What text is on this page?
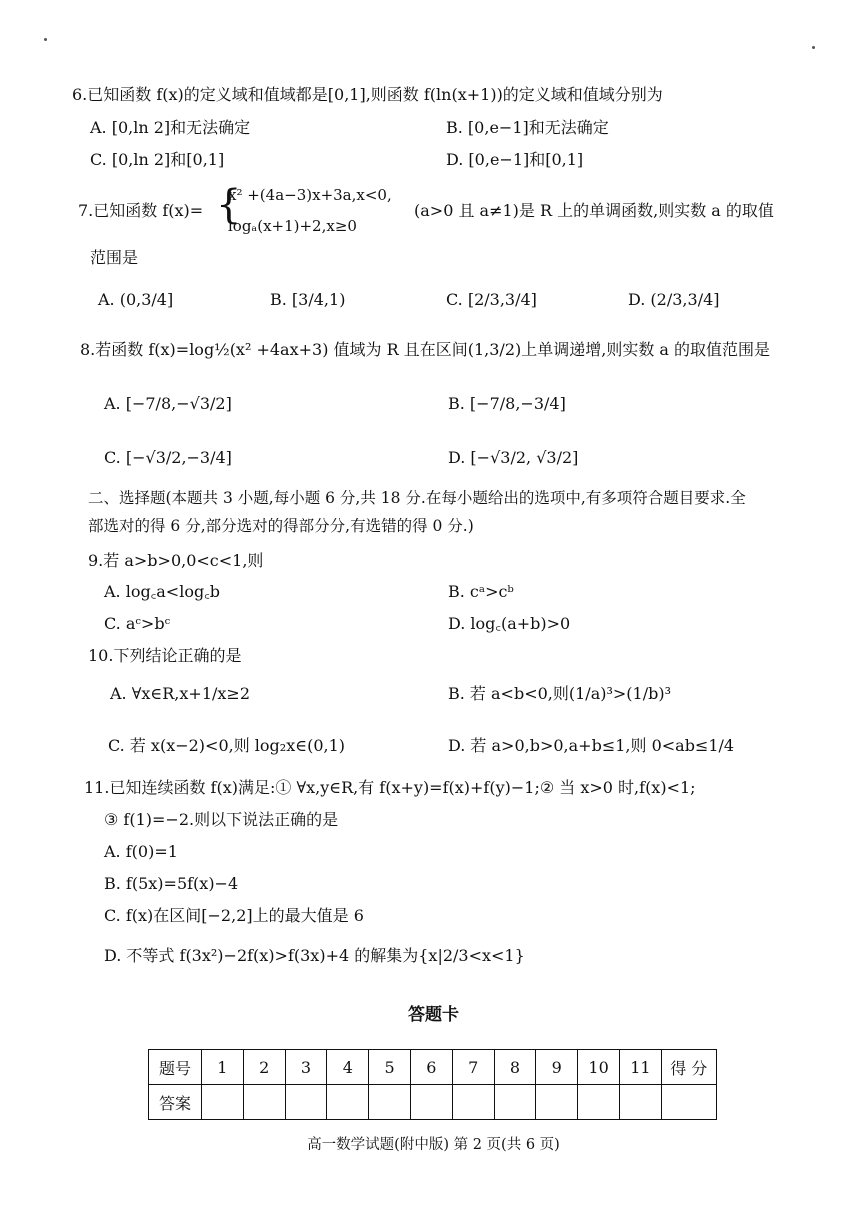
6.已知函数 f(x)的定义域和值域都是[0,1],则函数 f(ln(x+1))的定义域和值域分别为
A. [0,ln 2]和无法确定	B. [0,e−1]和无法确定
C. [0,ln 2]和[0,1]	D. [0,e−1]和[0,1]
7.已知函数 f(x)= {
x² +(4a−3)x+3a,x<0,
logₐ(x+1)+2,x≥0
(a>0 且 a≠1)是 R 上的单调函数,则实数 a 的取值
范围是
A. (0,3/4]	B. [3/4,1)	C. [2/3,3/4]	D. (2/3,3/4]
8.若函数 f(x)=log½(x² +4ax+3) 值域为 R 且在区间(1,3/2)上单调递增,则实数 a 的取值范围是
A. [−7/8,−√3/2]	B. [−7/8,−3/4]
C. [−√3/2,−3/4]	D. [−√3/2, √3/2]
二、选择题(本题共 3 小题,每小题 6 分,共 18 分.在每小题给出的选项中,有多项符合题目要求.全
部选对的得 6 分,部分选对的得部分分,有选错的得 0 分.)
9.若 a>b>0,0<c<1,则
A. log꜀a<log꜀b	B. cᵃ>cᵇ
C. aᶜ>bᶜ	D. log꜀(a+b)>0
10.下列结论正确的是
A. ∀x∈R,x+1/x≥2	B. 若 a<b<0,则(1/a)³>(1/b)³
C. 若 x(x−2)<0,则 log₂x∈(0,1)	D. 若 a>0,b>0,a+b≤1,则 0<ab≤1/4
11.已知连续函数 f(x)满足:① ∀x,y∈R,有 f(x+y)=f(x)+f(y)−1;② 当 x>0 时,f(x)<1;
③ f(1)=−2.则以下说法正确的是
A. f(0)=1
B. f(5x)=5f(x)−4
C. f(x)在区间[−2,2]上的最大值是 6
D. 不等式 f(3x²)−2f(x)>f(3x)+4 的解集为{x|2/3<x<1}
答题卡
题号	1	2	3	4	5	6	7	8	9	10	11	得 分
答案												
高一数学试题(附中版) 第 2 页(共 6 页)
